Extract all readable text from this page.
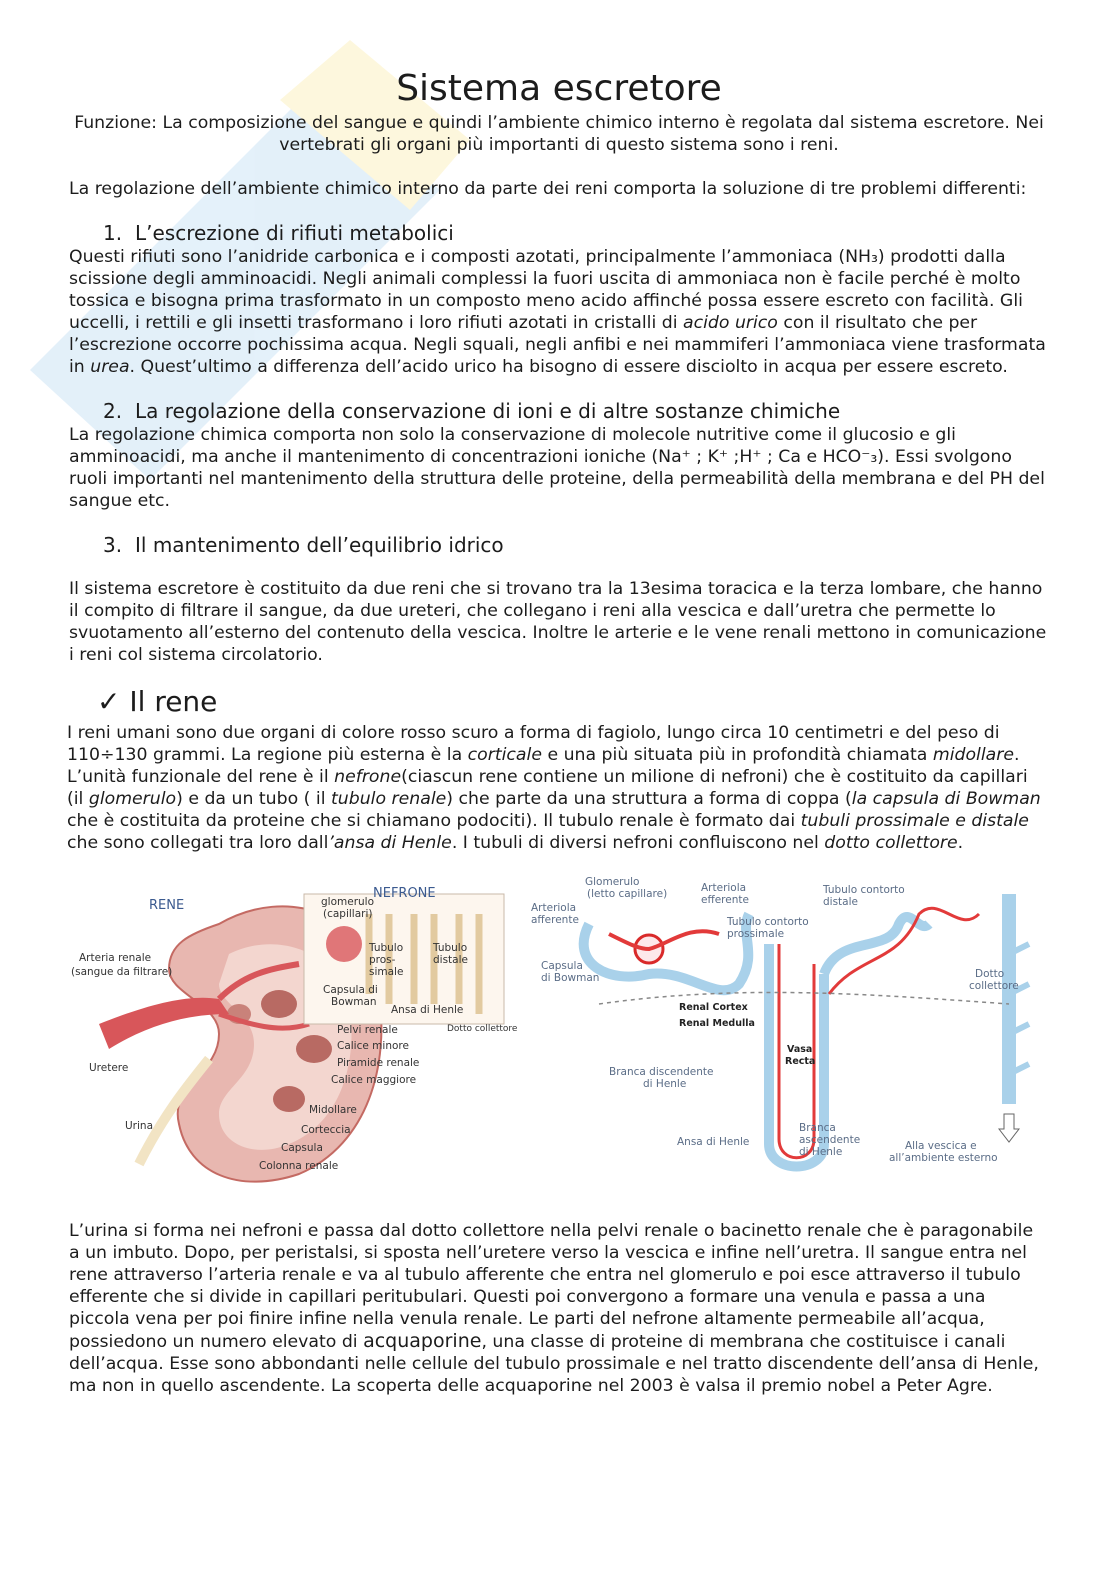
Sistema escretore

Funzione: La composizione del sangue e quindi l’ambiente chimico interno è regolata dal sistema escretore. Nei vertebrati gli organi più importanti di questo sistema sono i reni.

La regolazione dell’ambiente chimico interno da parte dei reni comporta la soluzione di tre problemi differenti:

1. L’escrezione di rifiuti metabolici

Questi rifiuti sono l’anidride carbonica e i composti azotati, principalmente l’ammoniaca (NH₃) prodotti dalla scissione degli amminoacidi. Negli animali complessi la fuori uscita di ammoniaca non è facile perché è molto tossica e bisogna prima trasformato in un composto meno acido affinché possa essere escreto con facilità. Gli uccelli, i rettili e gli insetti trasformano i loro rifiuti azotati in cristalli di acido urico con il risultato che per l’escrezione occorre pochissima acqua. Negli squali, negli anfibi e nei mammiferi l’ammoniaca viene trasformata in urea. Quest’ultimo a differenza dell’acido urico ha bisogno di essere disciolto in acqua per essere escreto.

2. La regolazione della conservazione di ioni e di altre sostanze chimiche

La regolazione chimica comporta non solo la conservazione di molecole nutritive come il glucosio e gli amminoacidi, ma anche il mantenimento di concentrazioni ioniche (Na⁺ ; K⁺ ;H⁺ ; Ca e HCO⁻₃). Essi svolgono ruoli importanti nel mantenimento della struttura delle proteine, della permeabilità della membrana e del PH del sangue etc.

3. Il mantenimento dell’equilibrio idrico

Il sistema escretore è costituito da due reni che si trovano tra la 13esima toracica e la terza lombare, che hanno il compito di filtrare il sangue, da due ureteri, che collegano i reni alla vescica e dall’uretra che permette lo svuotamento all’esterno del contenuto della vescica. Inoltre le arterie e le vene renali mettono in comunicazione i reni col sistema circolatorio.

✓ Il rene

I reni umani sono due organi di colore rosso scuro a forma di fagiolo, lungo circa 10 centimetri e del peso di 110÷130 grammi. La regione più esterna è la corticale e una più situata più in profondità chiamata midollare. L’unità funzionale del rene è il nefrone(ciascun rene contiene un milione di nefroni) che è costituito da capillari (il glomerulo) e da un tubo ( il tubulo renale) che parte da una struttura a forma di coppa (la capsula di Bowman che è costituita da proteine che si chiamano podociti). Il tubulo renale è formato dai tubuli prossimale e distale che sono collegati tra loro dall’ansa di Henle. I tubuli di diversi nefroni confluiscono nel dotto collettore.

RENE
NEFRONE
Arteria renale
(sangue da filtrare)
Uretere
Urina
glomerulo
(capillari)
Tubulo
pros-
simale
Tubulo
distale
Capsula di
Bowman
Ansa di Henle
Dotto collettore
Pelvi renale
Calice minore
Piramide renale
Calice maggiore
Midollare
Corteccia
Capsula
Colonna renale
Glomerulo
(letto capillare)
Arteriola
afferente
Arteriola
efferente
Tubulo contorto
prossimale
Tubulo contorto
distale
Capsula
di Bowman	Dotto
collettore
Renal Cortex
Renal Medulla
Vasa
Recta
Branca discendente
di Henle
Ansa di Henle
Branca
ascendente
di Henle	Alla vescica e
all’ambiente esterno

L’urina si forma nei nefroni e passa dal dotto collettore nella pelvi renale o bacinetto renale che è paragonabile a un imbuto. Dopo, per peristalsi, si sposta nell’uretere verso la vescica e infine nell’uretra. Il sangue entra nel rene attraverso l’arteria renale e va al tubulo afferente che entra nel glomerulo e poi esce attraverso il tubulo efferente che si divide in capillari peritubulari. Questi poi convergono a formare una venula e passa a una piccola vena per poi finire infine nella venula renale. Le parti del nefrone altamente permeabile all’acqua, possiedono un numero elevato di acquaporine, una classe di proteine di membrana che costituisce i canali dell’acqua. Esse sono abbondanti nelle cellule del tubulo prossimale e nel tratto discendente dell’ansa di Henle, ma non in quello ascendente. La scoperta delle acquaporine nel 2003 è valsa il premio nobel a Peter Agre.
